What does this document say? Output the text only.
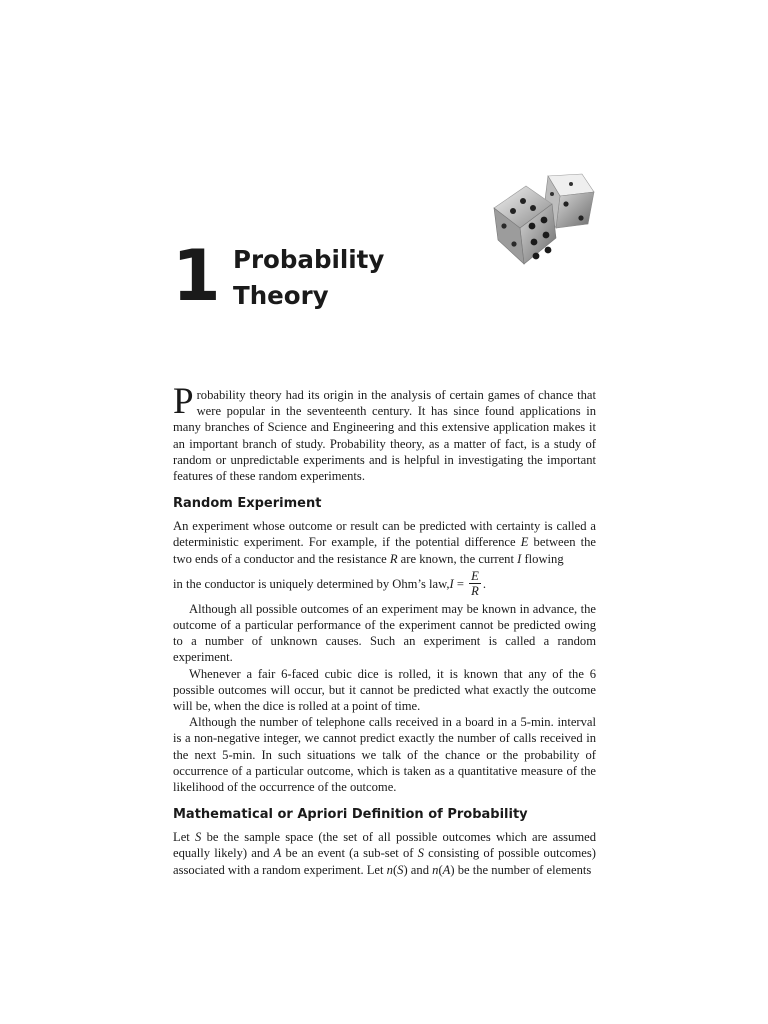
1 Probability
Theory

Probability theory had its origin in the analysis of certain games of chance that were popular in the seventeenth century. It has since found applications in many branches of Science and Engineering and this extensive application makes it an important branch of study. Probability theory, as a matter of fact, is a study of random or unpredictable experiments and is helpful in investigating the important features of these random experiments.

Random Experiment

An experiment whose outcome or result can be predicted with certainty is called a deterministic experiment. For example, if the potential difference E between the two ends of a conductor and the resistance R are known, the current I flowing

in the conductor is uniquely determined by Ohm’s law, $I = \frac{E}{R}$ .

Although all possible outcomes of an experiment may be known in advance, the outcome of a particular performance of the experiment cannot be predicted owing to a number of unknown causes. Such an experiment is called a random experiment.

Whenever a fair 6-faced cubic dice is rolled, it is known that any of the 6 possible outcomes will occur, but it cannot be predicted what exactly the outcome will be, when the dice is rolled at a point of time.

Although the number of telephone calls received in a board in a 5-min. interval is a non-negative integer, we cannot predict exactly the number of calls received in the next 5-min. In such situations we talk of the chance or the probability of occurrence of a particular outcome, which is taken as a quantitative measure of the likelihood of the occurrence of the outcome.

Mathematical or Apriori Definition of Probability

Let S be the sample space (the set of all possible outcomes which are assumed equally likely) and A be an event (a sub-set of S consisting of possible outcomes) associated with a random experiment. Let n(S) and n(A) be the number of elements
